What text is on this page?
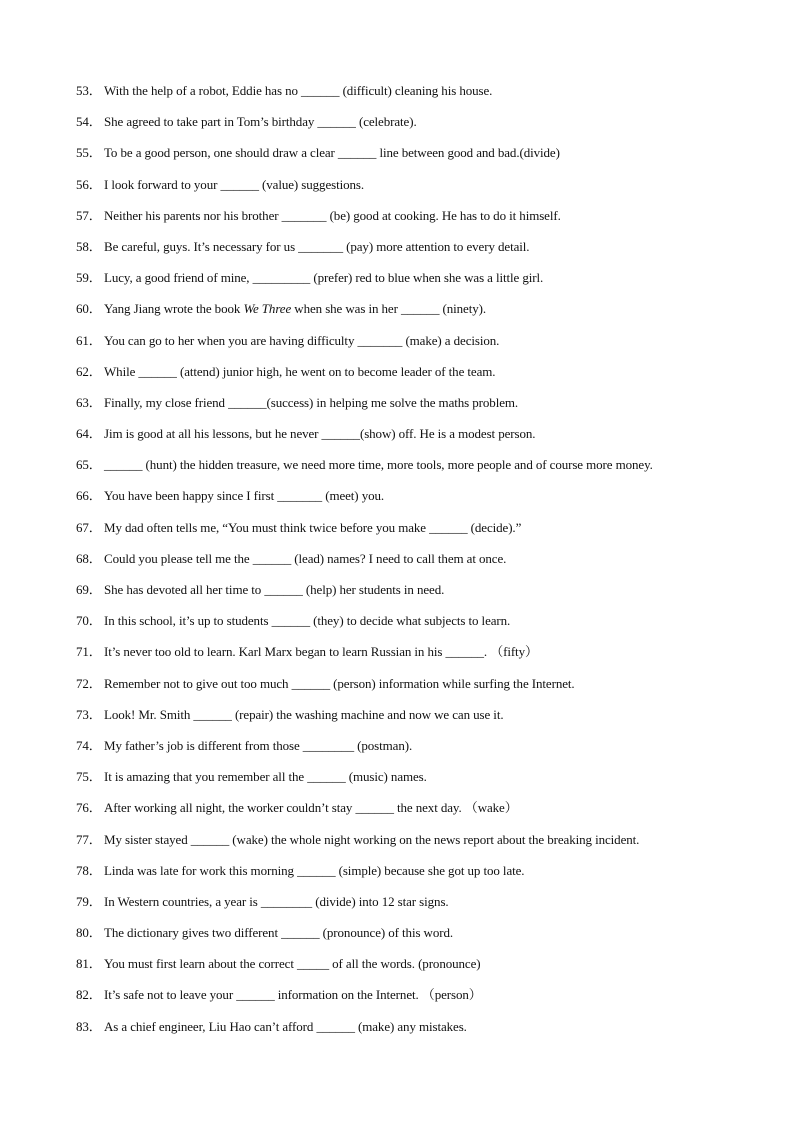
53． With the help of a robot, Eddie has no ______ (difficult) cleaning his house.
54． She agreed to take part in Tom’s birthday ______ (celebrate).
55． To be a good person, one should draw a clear ______ line between good and bad.(divide)
56． I look forward to your ______ (value) suggestions.
57． Neither his parents nor his brother _______ (be) good at cooking. He has to do it himself.
58． Be careful, guys. It’s necessary for us _______ (pay) more attention to every detail.
59． Lucy, a good friend of mine, _________ (prefer) red to blue when she was a little girl.
60． Yang Jiang wrote the book We Three when she was in her ______ (ninety).
61． You can go to her when you are having difficulty _______ (make) a decision.
62． While ______ (attend) junior high, he went on to become leader of the team.
63． Finally, my close friend ______(success) in helping me solve the maths problem.
64． Jim is good at all his lessons, but he never ______(show) off. He is a modest person.
65． ______ (hunt) the hidden treasure, we need more time, more tools, more people and of course more money.
66． You have been happy since I first _______ (meet) you.
67． My dad often tells me, “You must think twice before you make ______ (decide).”
68． Could you please tell me the ______ (lead) names? I need to call them at once.
69． She has devoted all her time to ______ (help) her students in need.
70． In this school, it’s up to students ______ (they) to decide what subjects to learn.
71． It’s never too old to learn. Karl Marx began to learn Russian in his ______. （fifty）
72． Remember not to give out too much ______ (person) information while surfing the Internet.
73． Look! Mr. Smith ______ (repair) the washing machine and now we can use it.
74． My father’s job is different from those ________ (postman).
75． It is amazing that you remember all the ______ (music) names.
76． After working all night, the worker couldn’t stay ______ the next day. （wake）
77． My sister stayed ______ (wake) the whole night working on the news report about the breaking incident.
78． Linda was late for work this morning ______ (simple) because she got up too late.
79． In Western countries, a year is ________ (divide) into 12 star signs.
80． The dictionary gives two different ______ (pronounce) of this word.
81． You must first learn about the correct _____ of all the words. (pronounce)
82． It’s safe not to leave your ______ information on the Internet. （person）
83． As a chief engineer, Liu Hao can’t afford ______ (make) any mistakes.
